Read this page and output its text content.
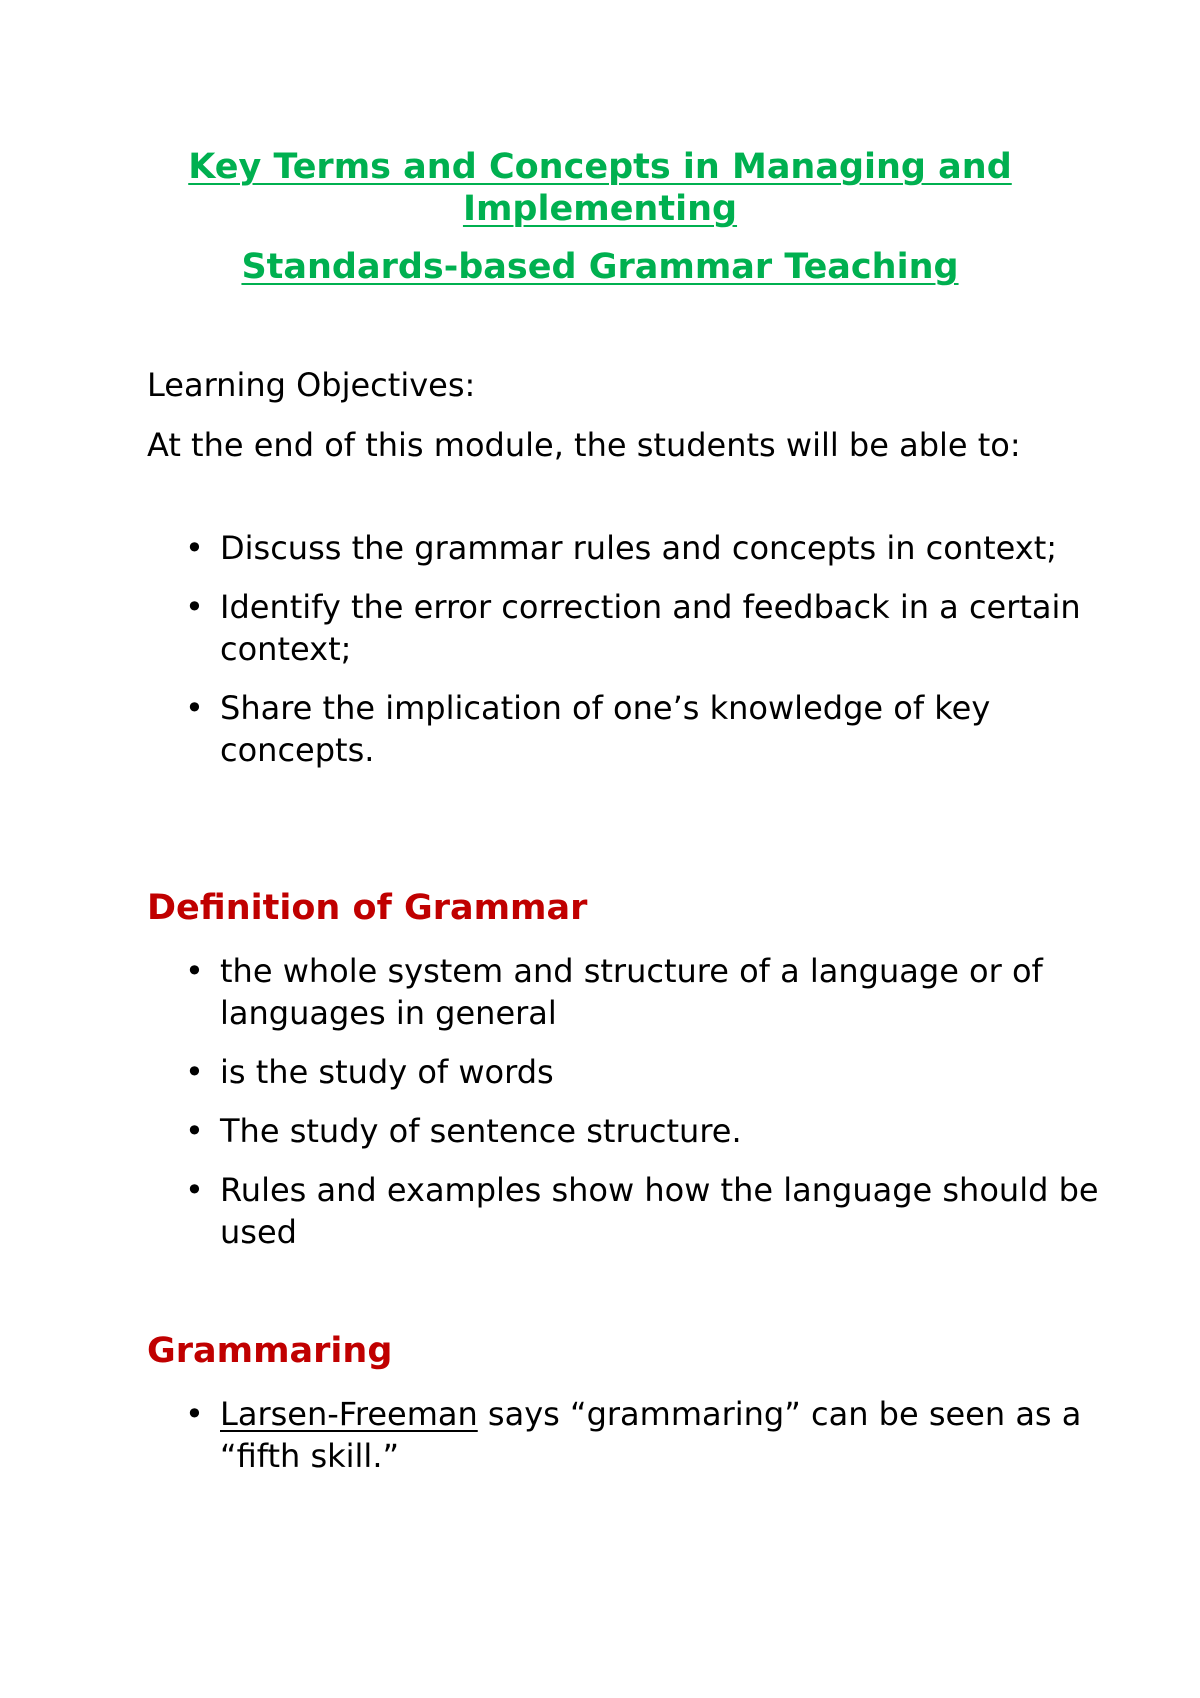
Key Terms and Concepts in Managing and Implementing
Standards-based Grammar Teaching
Learning Objectives:
At the end of this module, the students will be able to:
• Discuss the grammar rules and concepts in context;
• Identify the error correction and feedback in a certain context;
• Share the implication of one’s knowledge of key concepts.
Definition of Grammar
• the whole system and structure of a language or of languages in general
• is the study of words
• The study of sentence structure.
• Rules and examples show how the language should be used
Grammaring
• Larsen-Freeman says “grammaring” can be seen as a “fifth skill.”
